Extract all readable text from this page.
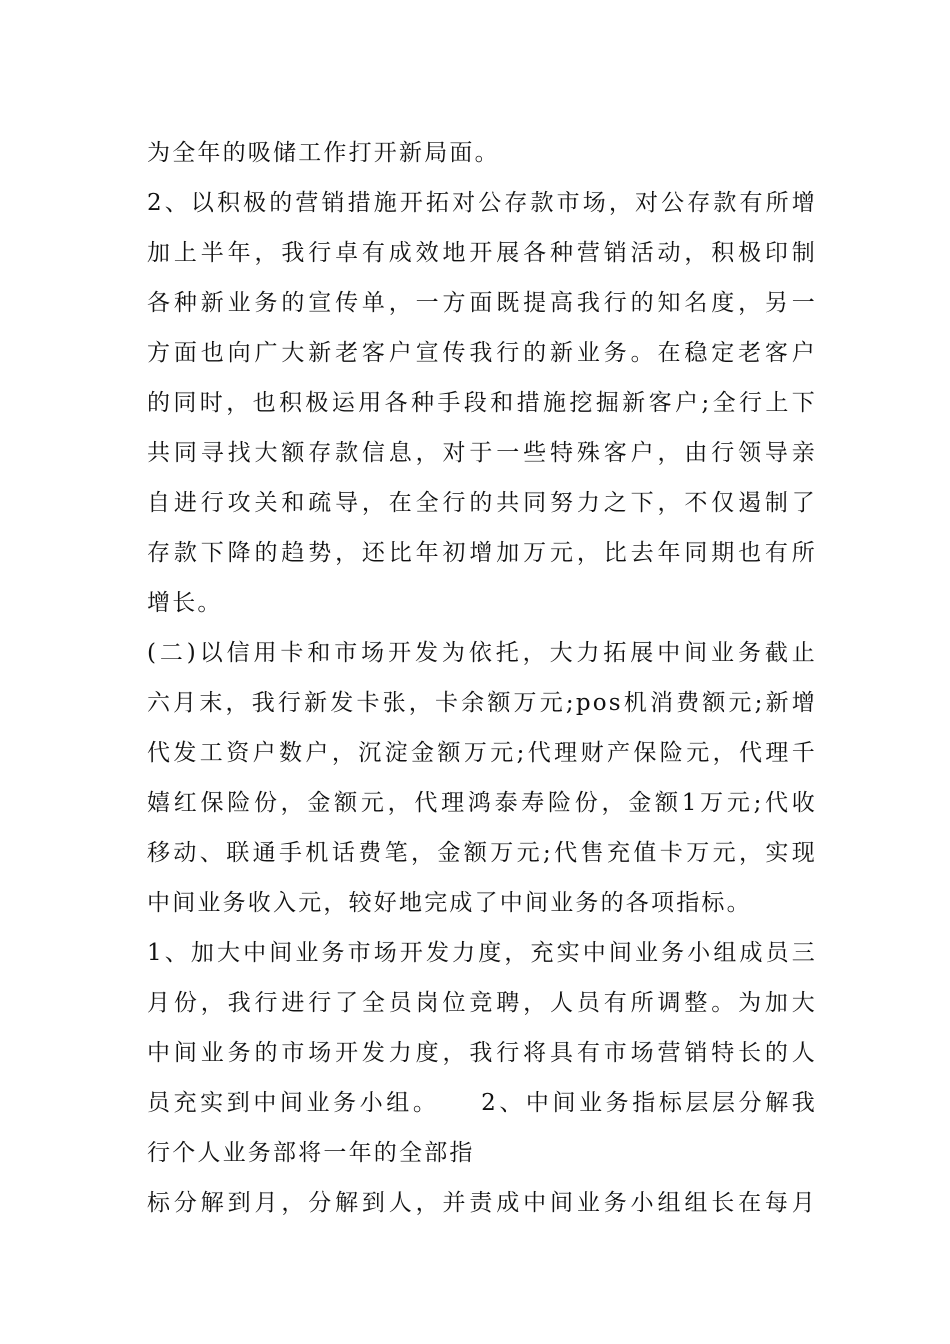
为全年的吸储工作打开新局面。
2、以积极的营销措施开拓对公存款市场，对公存款有所增
加上半年，我行卓有成效地开展各种营销活动，积极印制
各种新业务的宣传单，一方面既提高我行的知名度，另一
方面也向广大新老客户宣传我行的新业务。在稳定老客户
的同时，也积极运用各种手段和措施挖掘新客户;全行上下
共同寻找大额存款信息，对于一些特殊客户，由行领导亲
自进行攻关和疏导，在全行的共同努力之下，不仅遏制了
存款下降的趋势，还比年初增加万元，比去年同期也有所
增长。
(二)以信用卡和市场开发为依托，大力拓展中间业务截止
六月末，我行新发卡张，卡余额万元;pos机消费额元;新增
代发工资户数户，沉淀金额万元;代理财产保险元，代理千
嬉红保险份，金额元，代理鸿泰寿险份，金额1万元;代收
移动、联通手机话费笔，金额万元;代售充值卡万元，实现
中间业务收入元，较好地完成了中间业务的各项指标。
1、加大中间业务市场开发力度，充实中间业务小组成员三
月份，我行进行了全员岗位竞聘，人员有所调整。为加大
中间业务的市场开发力度，我行将具有市场营销特长的人
员充实到中间业务小组。　　2、中间业务指标层层分解我
行个人业务部将一年的全部指
标分解到月，分解到人，并责成中间业务小组组长在每月
